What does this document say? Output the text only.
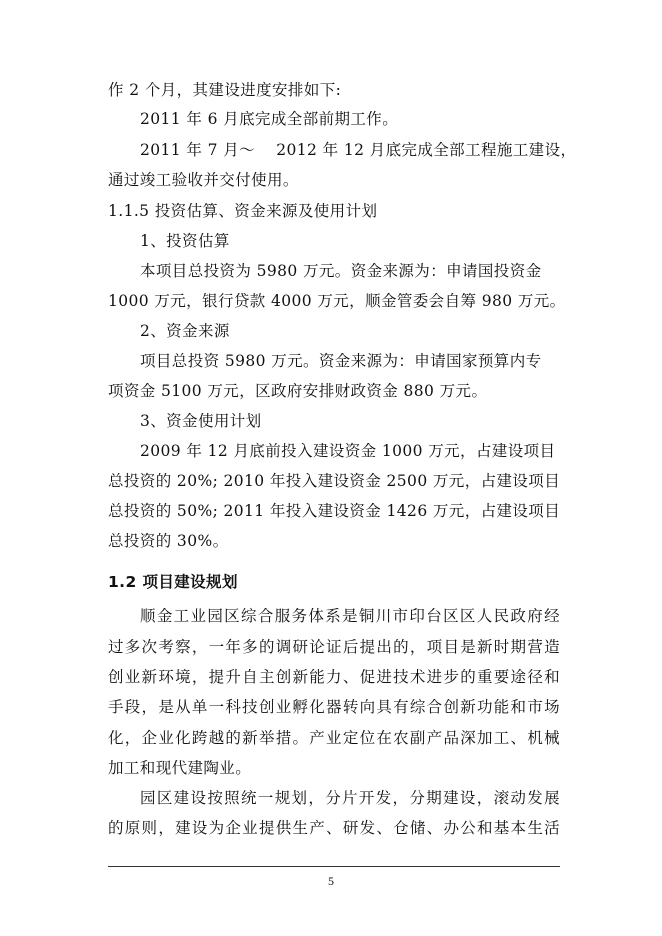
作 2 个月，其建设进度安排如下:
2011 年 6 月底完成全部前期工作。
2011 年 7 月～　 2012 年 12 月底完成全部工程施工建设，
通过竣工验收并交付使用。
1.1.5 投资估算、资金来源及使用计划
1、投资估算
本项目总投资为 5980 万元。资金来源为：申请国投资金
1000 万元，银行贷款 4000 万元，顺金管委会自筹 980 万元。
2、资金来源
项目总投资 5980 万元。资金来源为：申请国家预算内专
项资金 5100 万元，区政府安排财政资金 880 万元。
3、资金使用计划
2009 年 12 月底前投入建设资金 1000 万元，占建设项目
总投资的 20%; 2010 年投入建设资金 2500 万元，占建设项目
总投资的 50%; 2011 年投入建设资金 1426 万元，占建设项目
总投资的 30%。
1.2 项目建设规划
顺金工业园区综合服务体系是铜川市印台区区人民政府经
过多次考察，一年多的调研论证后提出的，项目是新时期营造
创业新环境，提升自主创新能力、促进技术进步的重要途径和
手段，是从单一科技创业孵化器转向具有综合创新功能和市场
化，企业化跨越的新举措。产业定位在农副产品深加工、机械
加工和现代建陶业。
园区建设按照统一规划，分片开发，分期建设，滚动发展
的原则，建设为企业提供生产、研发、仓储、办公和基本生活
5
